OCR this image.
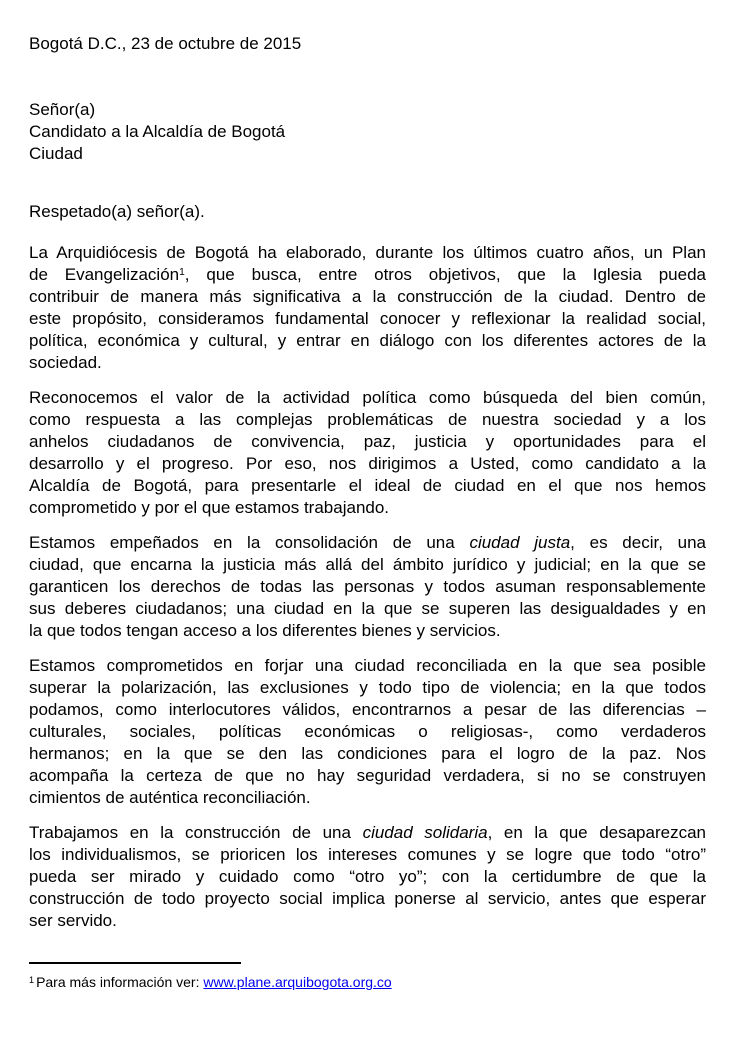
Bogotá D.C., 23 de octubre de 2015
Señor(a)
Candidato a la Alcaldía de Bogotá
Ciudad
Respetado(a) señor(a).
La Arquidiócesis de Bogotá ha elaborado, durante los últimos cuatro años, un Plan
de Evangelización$^1$, que busca, entre otros objetivos, que la Iglesia pueda
contribuir de manera más significativa a la construcción de la ciudad. Dentro de
este propósito, consideramos fundamental conocer y reflexionar la realidad social,
política, económica y cultural, y entrar en diálogo con los diferentes actores de la
sociedad.
Reconocemos el valor de la actividad política como búsqueda del bien común,
como respuesta a las complejas problemáticas de nuestra sociedad y a los
anhelos ciudadanos de convivencia, paz, justicia y oportunidades para el
desarrollo y el progreso. Por eso, nos dirigimos a Usted, como candidato a la
Alcaldía de Bogotá, para presentarle el ideal de ciudad en el que nos hemos
comprometido y por el que estamos trabajando.
Estamos empeñados en la consolidación de una ciudad justa, es decir, una
ciudad, que encarna la justicia más allá del ámbito jurídico y judicial; en la que se
garanticen los derechos de todas las personas y todos asuman responsablemente
sus deberes ciudadanos; una ciudad en la que se superen las desigualdades y en
la que todos tengan acceso a los diferentes bienes y servicios.
Estamos comprometidos en forjar una ciudad reconciliada en la que sea posible
superar la polarización, las exclusiones y todo tipo de violencia; en la que todos
podamos, como interlocutores válidos, encontrarnos a pesar de las diferencias –
culturales, sociales, políticas económicas o religiosas-, como verdaderos
hermanos; en la que se den las condiciones para el logro de la paz. Nos
acompaña la certeza de que no hay seguridad verdadera, si no se construyen
cimientos de auténtica reconciliación.
Trabajamos en la construcción de una ciudad solidaria, en la que desaparezcan
los individualismos, se prioricen los intereses comunes y se logre que todo “otro”
pueda ser mirado y cuidado como “otro yo”; con la certidumbre de que la
construcción de todo proyecto social implica ponerse al servicio, antes que esperar
ser servido.
$^1$ Para más información ver: www.plane.arquibogota.org.co
